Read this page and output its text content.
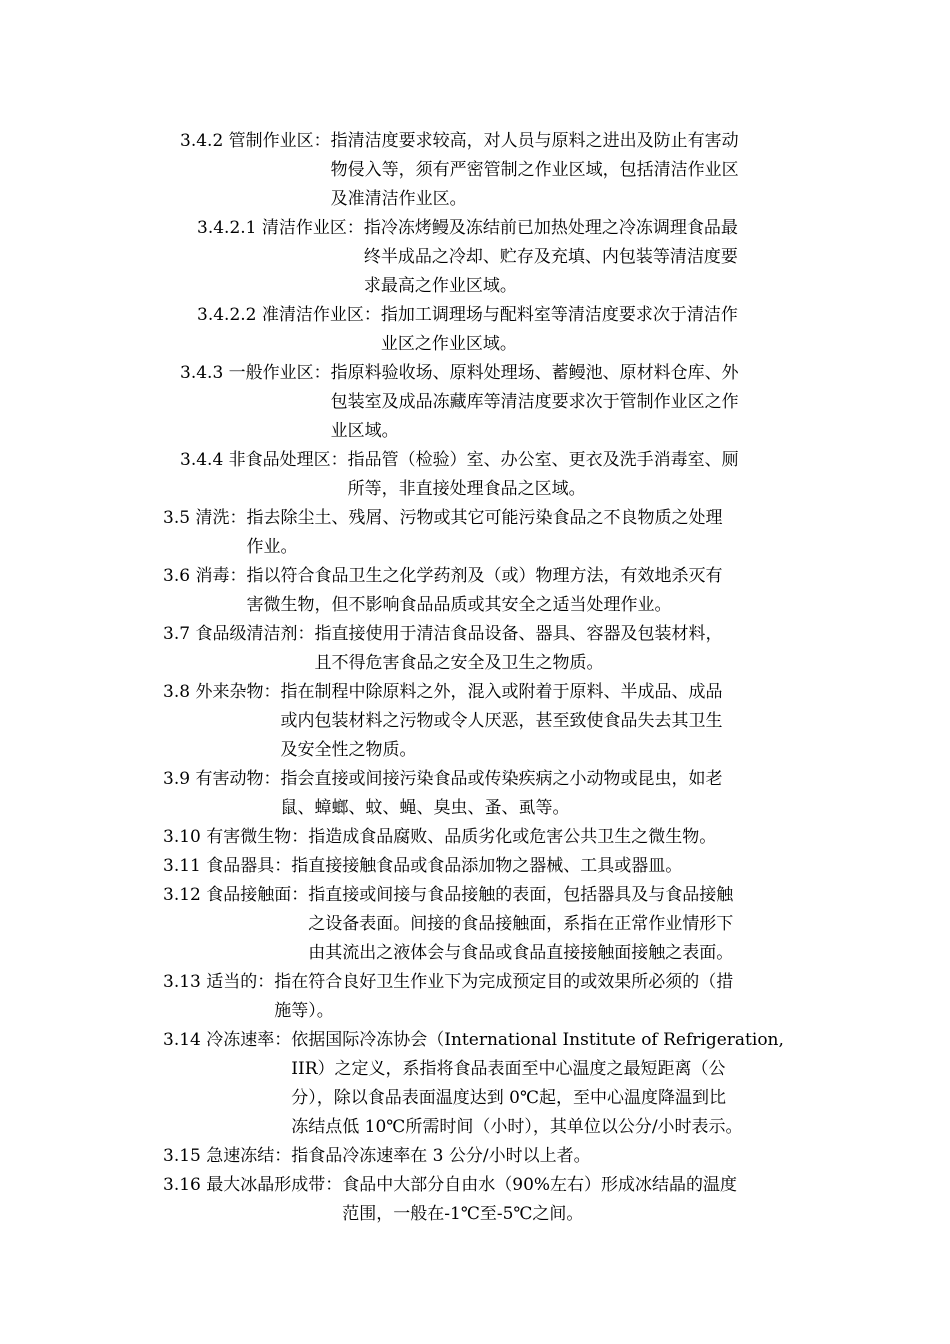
3.4.2 管制作业区： 指清洁度要求较高，对人员与原料之进出及防止有害动
物侵入等，须有严密管制之作业区域，包括清洁作业区
及准清洁作业区。
3.4.2.1 清洁作业区： 指冷冻烤鳗及冻结前已加热处理之冷冻调理食品最
终半成品之冷却、贮存及充填、内包装等清洁度要
求最高之作业区域。
3.4.2.2 准清洁作业区： 指加工调理场与配料室等清洁度要求次于清洁作
业区之作业区域。
3.4.3 一般作业区： 指原料验收场、原料处理场、蓄鳗池、原材料仓库、外
包装室及成品冻藏库等清洁度要求次于管制作业区之作
业区域。
3.4.4 非食品处理区： 指品管（检验）室、办公室、更衣及洗手消毒室、厕
所等，非直接处理食品之区域。
3.5 清洗： 指去除尘土、残屑、污物或其它可能污染食品之不良物质之处理
作业。
3.6 消毒： 指以符合食品卫生之化学药剂及（或）物理方法，有效地杀灭有
害微生物，但不影响食品品质或其安全之适当处理作业。
3.7 食品级清洁剂： 指直接使用于清洁食品设备、器具、容器及包装材料，
且不得危害食品之安全及卫生之物质。
3.8 外来杂物： 指在制程中除原料之外，混入或附着于原料、半成品、成品
或内包装材料之污物或令人厌恶，甚至致使食品失去其卫生
及安全性之物质。
3.9 有害动物： 指会直接或间接污染食品或传染疾病之小动物或昆虫，如老
鼠、蟑螂、蚊、蝇、臭虫、蚤、虱等。
3.10 有害微生物： 指造成食品腐败、品质劣化或危害公共卫生之微生物。
3.11 食品器具： 指直接接触食品或食品添加物之器械、工具或器皿。
3.12 食品接触面： 指直接或间接与食品接触的表面，包括器具及与食品接触
之设备表面。间接的食品接触面，系指在正常作业情形下
由其流出之液体会与食品或食品直接接触面接触之表面。
3.13 适当的： 指在符合良好卫生作业下为完成预定目的或效果所必须的（措
施等）。
3.14 冷冻速率： 依据国际冷冻协会（International Institute of Refrigeration,
IIR）之定义，系指将食品表面至中心温度之最短距离（公
分），除以食品表面温度达到 0℃起，至中心温度降温到比
冻结点低 10℃所需时间（小时），其单位以公分/小时表示。
3.15 急速冻结： 指食品冷冻速率在 3 公分/小时以上者。
3.16 最大冰晶形成带： 食品中大部分自由水（90%左右）形成冰结晶的温度
范围，一般在-1℃至-5℃之间。
